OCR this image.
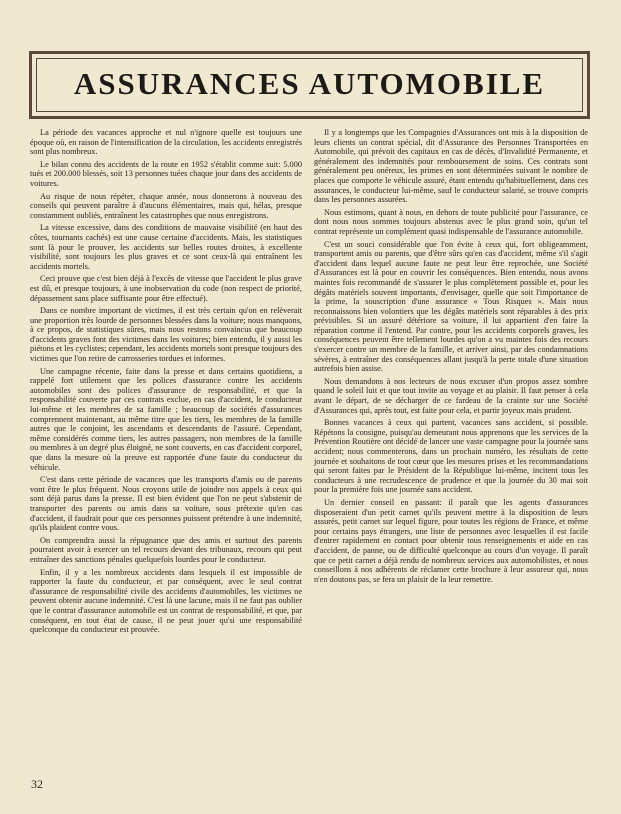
ASSURANCES AUTOMOBILE

La période des vacances approche et nul n'ignore quelle est toujours une époque où, en raison de l'intensification de la circulation, les accidents enregistrés sont plus nombreux.

Le bilan connu des accidents de la route en 1952 s'établit comme suit: 5.000 tués et 200.000 blessés, soit 13 personnes tuées chaque jour dans des accidents de voitures.

Au risque de nous répéter, chaque année, nous donnerons à nouveau des conseils qui peuvent paraître à d'aucuns élémentaires, mais qui, hélas, presque constamment oubliés, entraînent les catastrophes que nous enregistrons.

La vitesse excessive, dans des conditions de mauvaise visibilité (en haut des côtes, tournants cachés) est une cause certaine d'accidents. Mais, les statistiques sont là pour le prouver, les accidents sur belles routes droites, à excellente visibilité, sont toujours les plus graves et ce sont ceux-là qui entraînent les accidents mortels.

Ceci prouve que c'est bien déjà à l'excès de vitesse que l'accident le plus grave est dû, et presque toujours, à une inobservation du code (non respect de priorité, dépassement sans place suffisante pour être effectué).

Dans ce nombre important de victimes, il est très certain qu'on en relèverait une proportion très lourde de personnes blessées dans la voiture; nous manquons, à ce propos, de statistiques sûres, mais nous restons convaincus que beaucoup d'accidents graves font des victimes dans les voitures; bien entendu, il y aussi les piétons et les cyclistes; cependant, les accidents mortels sont presque toujours des victimes que l'on retire de carrosseries tordues et informes.

Une campagne récente, faite dans la presse et dans certains quotidiens, a rappelé fort utilement que les polices d'assurance contre les accidents automobiles sont des polices d'assurance de responsabilité, et que la responsabilité couverte par ces contrats exclue, en cas d'accident, le conducteur lui-même et les membres de sa famille ; beaucoup de sociétés d'assurances comprennent maintenant, au même titre que les tiers, les membres de la famille autres que le conjoint, les ascendants et descendants de l'assuré. Cependant, même considérés comme tiers, les autres passagers, non membres de la famille ou membres à un degré plus éloigné, ne sont couverts, en cas d'accident corporel, que dans la mesure où la preuve est rapportée d'une faute du conducteur du véhicule.

C'est dans cette période de vacances que les transports d'amis ou de parents vont être le plus fréquent. Nous croyons utile de joindre nos appels à ceux qui sont déjà parus dans la presse. Il est bien évident que l'on ne peut s'abstenir de transporter des parents ou amis dans sa voiture, sous prétexte qu'en cas d'accident, il faudrait pour que ces personnes puissent prétendre à une indemnité, qu'ils plaident contre vous.

On comprendra aussi la répugnance que des amis et surtout des parents pourraient avoir à exercer un tel recours devant des tribunaux, recours qui peut entraîner des sanctions pénales quelquefois lourdes pour le conducteur.

Enfin, il y a les nombreux accidents dans lesquels il est impossible de rapporter la faute du conducteur, et par conséquent, avec le seul contrat d'assurance de responsabilité civile des accidents d'automobiles, les victimes ne peuvent obtenir aucune indemnité. C'est là une lacune, mais il ne faut pas oublier que le contrat d'assurance automobile est un contrat de responsabilité, et que, par conséquent, en tout état de cause, il ne peut jouer qu'si une responsabilité quelconque du conducteur est prouvée.

Il y a longtemps que les Compagnies d'Assurances ont mis à la disposition de leurs clients un contrat spécial, dit d'Assurance des Personnes Transportées en Automobile, qui prévoit des capitaux en cas de décès, d'Invalidité Permanente, et généralement des indemnités pour remboursement de soins. Ces contrats sont généralement peu onéreux, les primes en sont déterminées suivant le nombre de places que comporte le véhicule assuré, étant entendu qu'habituellement, dans ces assurances, le conducteur lui-même, sauf le conducteur salarié, se trouve compris dans les personnes assurées.

Nous estimons, quant à nous, en dehors de toute publicité pour l'assurance, ce dont nous nous sommes toujours abstenus avec le plus grand soin, qu'un tel contrat représente un complément quasi indispensable de l'assurance automobile.

C'est un souci considérable que l'on évite à ceux qui, fort obligeamment, transportent amis ou parents, que d'être sûrs qu'en cas d'accident, même s'il s'agit d'accident dans lequel aucune faute ne peut leur être reprochée, une Société d'Assurances est là pour en couvrir les conséquences. Bien entendu, nous avons maintes fois recommandé de s'assurer le plus complètement possible et, pour les dégâts matériels souvent importants, d'envisager, quelle que soit l'importance de la prime, la souscription d'une assurance « Tous Risques ». Mais nous reconnaissons bien volontiers que les dégâts matériels sont réparables à des prix prévisibles. Si un assuré détériore sa voiture, il lui appartient d'en faire la réparation comme il l'entend. Par contre, pour les accidents corporels graves, les conséquences peuvent être tellement lourdes qu'on a vu maintes fois des recours s'exercer contre un membre de la famille, et arriver ainsi, par des condamnations sévères, à entraîner des conséquences allant jusqu'à la perte totale d'une situation autrefois bien assise.

Nous demandons à nos lecteurs de nous excuser d'un propos assez sombre quand le soleil luit et que tout invite au voyage et au plaisir. Il faut penser à cela avant le départ, de se décharger de ce fardeau de la crainte sur une Société d'Assurances qui, après tout, est faite pour cela, et partir joyeux mais prudent.

Bonnes vacances à ceux qui partent, vacances sans accident, si possible. Répétons la consigne, puisqu'au demeurant nous apprenons que les services de la Prévention Routière ont décidé de lancer une vaste campagne pour la journée sans accident; nous commenterons, dans un prochain numéro, les résultats de cette journée et souhaitons de tout cœur que les mesures prises et les recommandations qui seront faites par le Président de la République lui-même, incitent tous les conducteurs à une recrudescence de prudence et que la journée du 30 mai soit pour la première fois une journée sans accident.

Un dernier conseil en passant: il paraît que les agents d'assurances disposeraient d'un petit carnet qu'ils peuvent mettre à la disposition de leurs assurés, petit carnet sur lequel figure, pour toutes les régions de France, et même pour certains pays étrangers, une liste de personnes avec lesquelles il est facile d'entrer rapidement en contact pour obtenir tous renseignements et aide en cas d'accident, de panne, ou de difficulté quelconque au cours d'un voyage. Il paraît que ce petit carnet a déjà rendu de nombreux services aux automobilistes, et nous conseillons à nos adhérents de réclamer cette brochure à leur assureur qui, nous n'en doutons pas, se fera un plaisir de la leur remettre.

32
